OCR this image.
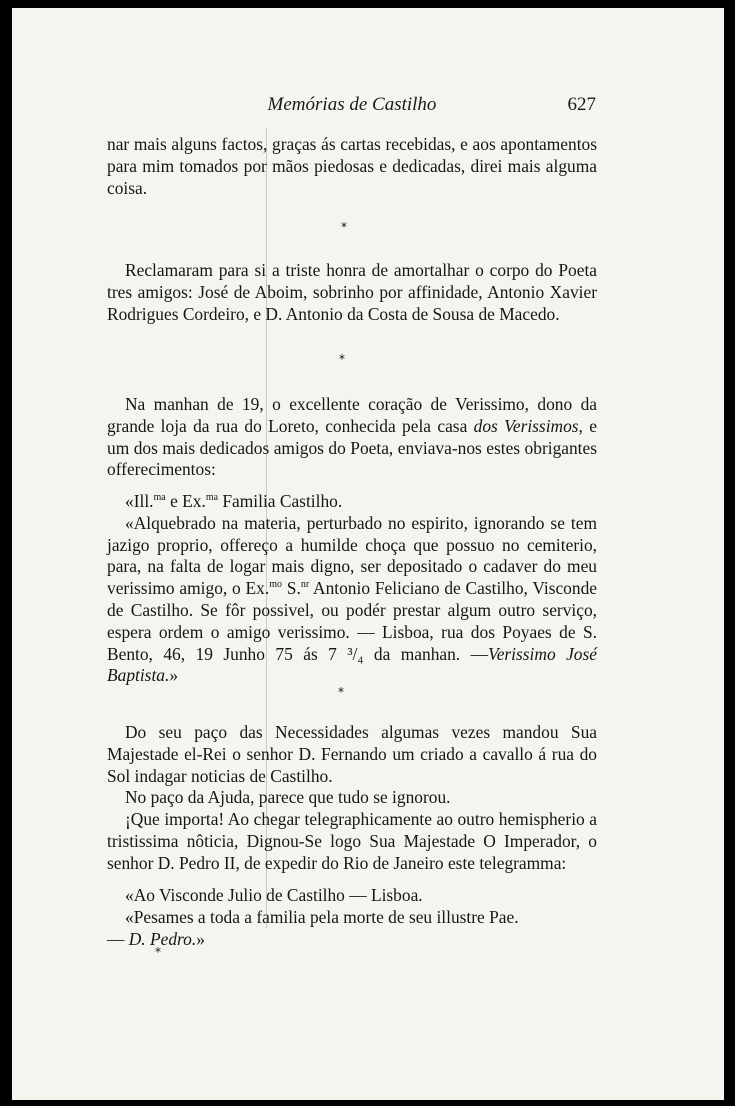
Memórias de Castilho	627

nar mais alguns factos, graças ás cartas recebidas, e aos apontamentos para mim tomados por mãos piedosas e dedicadas, direi mais alguma coisa.

*

Reclamaram para si a triste honra de amortalhar o corpo do Poeta tres amigos: José de Aboim, sobrinho por affinidade, Antonio Xavier Rodrigues Cordeiro, e D. Antonio da Costa de Sousa de Macedo.

*

Na manhan de 19, o excellente coração de Verissimo, dono da grande loja da rua do Loreto, conhecida pela casa dos Verissimos, e um dos mais dedicados amigos do Poeta, enviava-nos estes obrigantes offerecimentos:

«Ill.$^{ma}$ e Ex.$^{ma}$ Familia Castilho.

«Alquebrado na materia, perturbado no espirito, ignorando se tem jazigo proprio, offereço a humilde choça que possuo no cemiterio, para, na falta de logar mais digno, ser depositado o cadaver do meu verissimo amigo, o Ex.$^{mo}$ S.$^{nr}$ Antonio Feliciano de Castilho, Visconde de Castilho. Se fôr possivel, ou podér prestar algum outro serviço, espera ordem o amigo verissimo. — Lisboa, rua dos Poyaes de S. Bento, 46, 19 Junho 75 ás 7 ³/₄ da manhan. —Verissimo José Baptista.»

*

Do seu paço das Necessidades algumas vezes mandou Sua Majestade el-Rei o senhor D. Fernando um criado a cavallo á rua do Sol indagar noticias de Castilho.

No paço da Ajuda, parece que tudo se ignorou.

¡Que importa! Ao chegar telegraphicamente ao outro hemispherio a tristissima nôticia, Dignou-Se logo Sua Majestade O Imperador, o senhor D. Pedro II, de expedir do Rio de Janeiro este telegramma:

«Ao Visconde Julio de Castilho — Lisboa.

«Pesames a toda a familia pela morte de seu illustre Pae.

— D. Pedro.»

*
